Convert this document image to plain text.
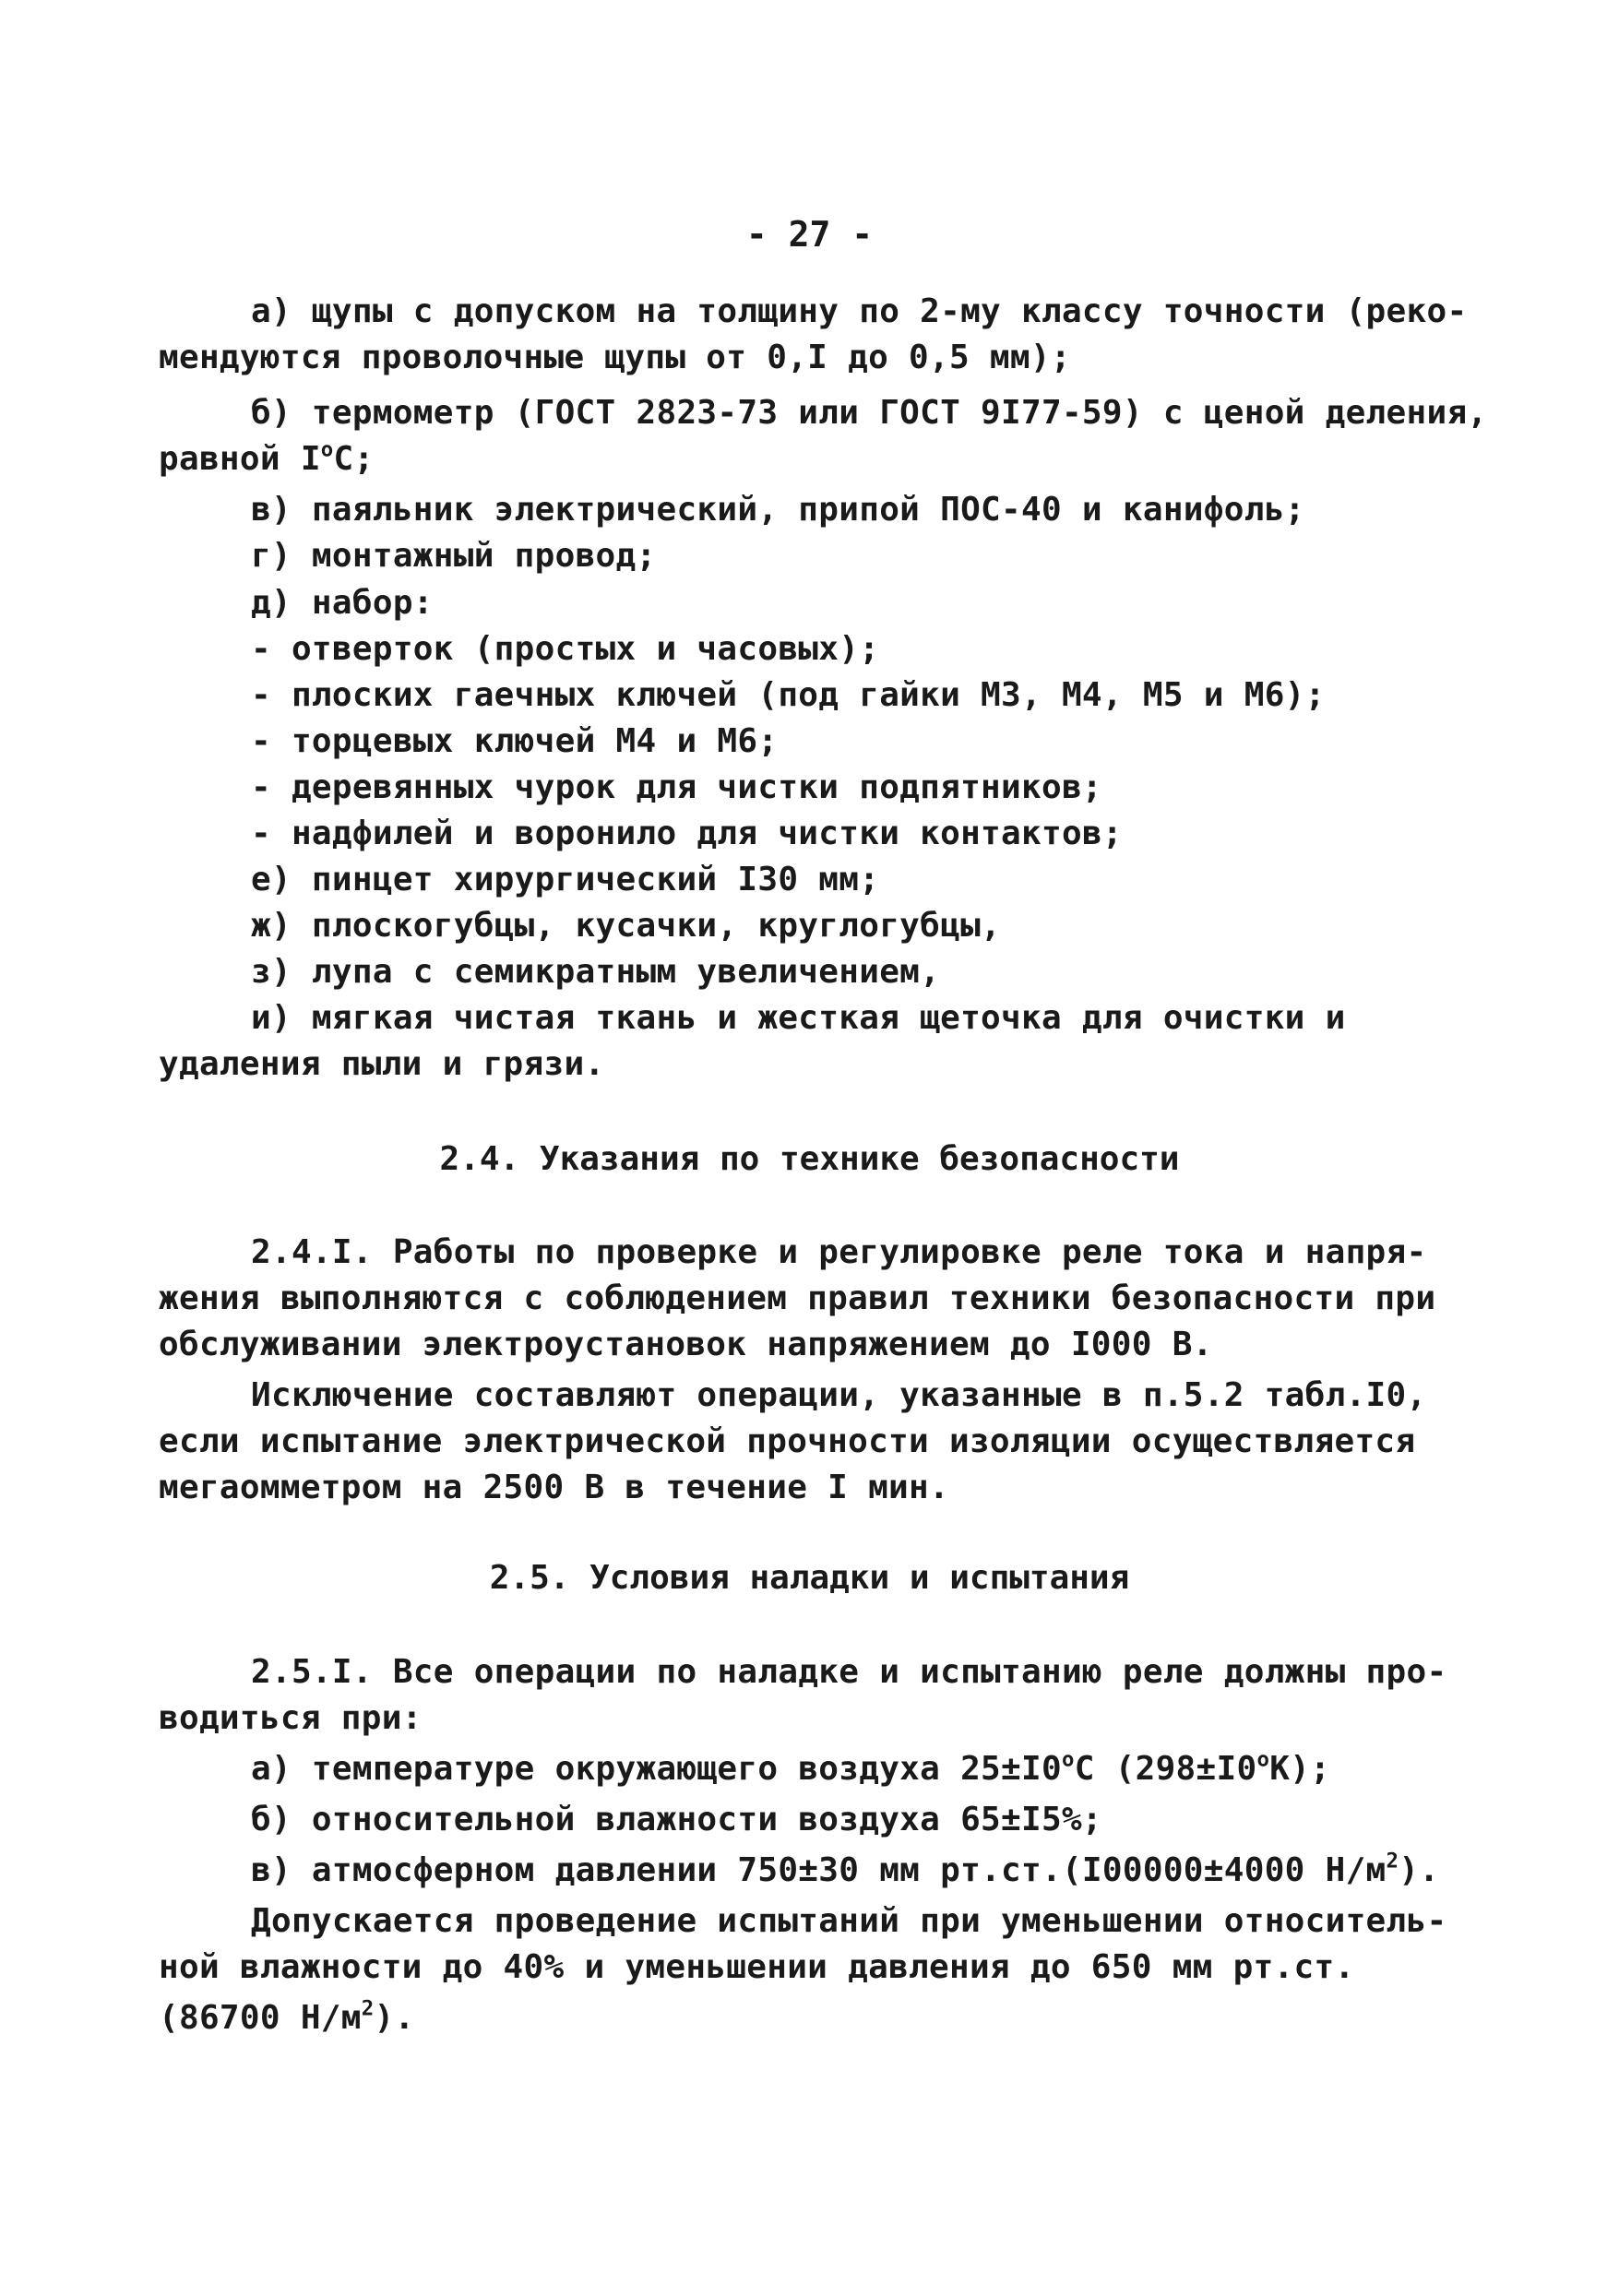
- 27 -
а) щупы с допуском на толщину по 2-му классу точности (реко-
мендуются проволочные щупы от 0,I до 0,5 мм);
б) термометр (ГОСТ 2823-73 или ГОСТ 9I77-59) с ценой деления,
равной $I^оС$;
в) паяльник электрический, припой ПОС-40 и канифоль;
г) монтажный провод;
д) набор:
- отверток (простых и часовых);
- плоских гаечных ключей (под гайки М3, М4, М5 и М6);
- торцевых ключей М4 и М6;
- деревянных чурок для чистки подпятников;
- надфилей и воронило для чистки контактов;
е) пинцет хирургический I30 мм;
ж) плоскогубцы, кусачки, круглогубцы,
з) лупа с семикратным увеличением,
и) мягкая чистая ткань и жесткая щеточка для очистки и
удаления пыли и грязи.
2.4. Указания по технике безопасности
2.4.I. Работы по проверке и регулировке реле тока и напря-
жения выполняются с соблюдением правил техники безопасности при
обслуживании электроустановок напряжением до I000 В.
Исключение составляют операции, указанные в п.5.2 табл.I0,
если испытание электрической прочности изоляции осуществляется
мегаомметром на 2500 В в течение I мин.
2.5. Условия наладки и испытания
2.5.I. Все операции по наладке и испытанию реле должны про-
водиться при:
а) температуре окружающего воздуха $25\pm I0^оС$ $(298\pm I0^оК)$;
б) относительной влажности воздуха 65±I5%;
в) атмосферном давлении 750±30 мм рт.ст.(I00000±4000 $Н/м^2$).
Допускается проведение испытаний при уменьшении относитель-
ной влажности до 40% и уменьшении давления до 650 мм рт.ст.
(86700 $Н/м^2$).
